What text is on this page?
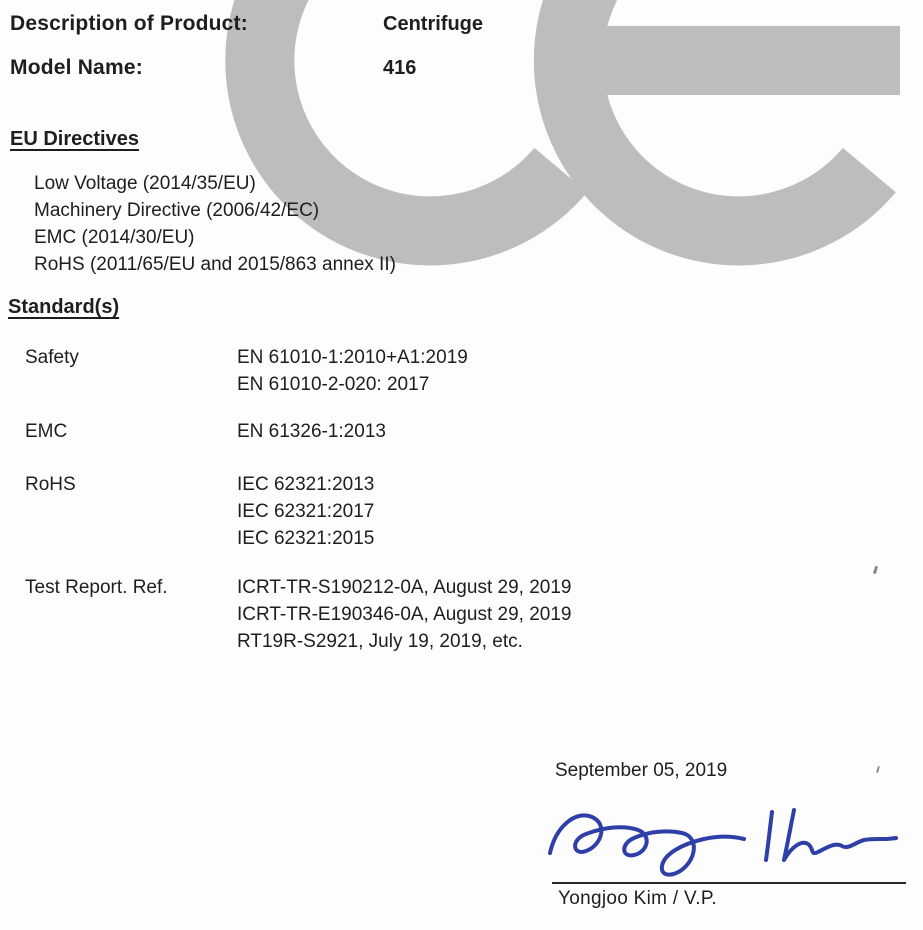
Description of Product:	Centrifuge
Model Name:	416
EU Directives
Low Voltage (2014/35/EU)
Machinery Directive (2006/42/EC)
EMC (2014/30/EU)
RoHS (2011/65/EU and 2015/863 annex II)
Standard(s)
Safety	EN 61010-1:2010+A1:2019
EN 61010-2-020: 2017
EMC	EN 61326-1:2013
RoHS	IEC 62321:2013
IEC 62321:2017
IEC 62321:2015
Test Report. Ref.	ICRT-TR-S190212-0A, August 29, 2019
ICRT-TR-E190346-0A, August 29, 2019
RT19R-S2921, July 19, 2019, etc.
September 05, 2019
Yongjoo Kim / V.P.
